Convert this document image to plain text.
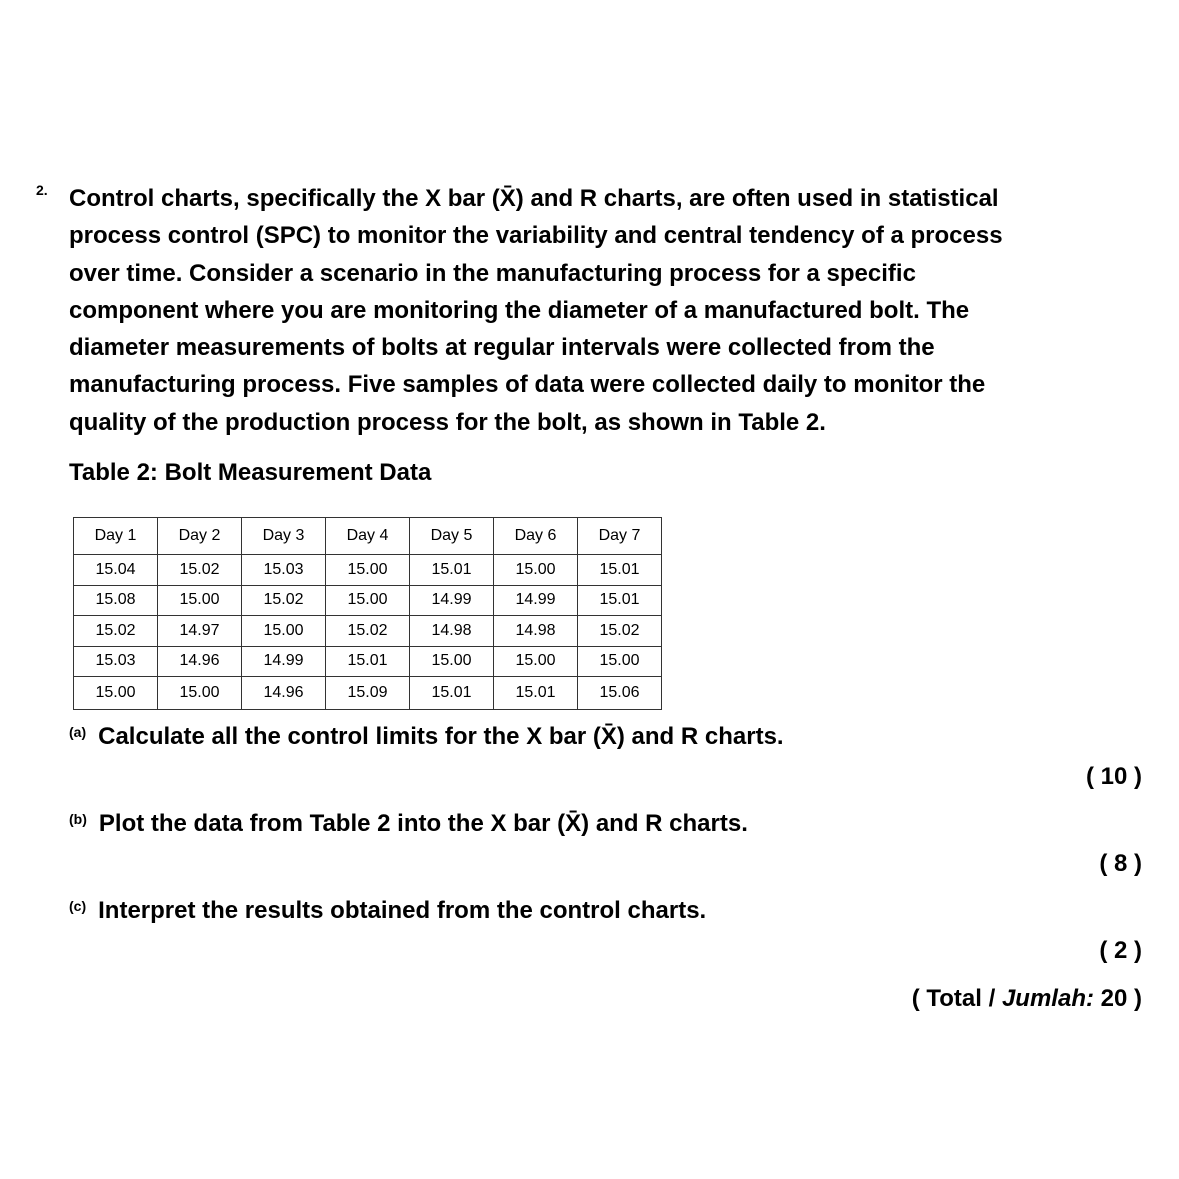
2. Control charts, specifically the X bar (X̄) and R charts, are often used in statistical
process control (SPC) to monitor the variability and central tendency of a process
over time. Consider a scenario in the manufacturing process for a specific
component where you are monitoring the diameter of a manufactured bolt. The
diameter measurements of bolts at regular intervals were collected from the
manufacturing process. Five samples of data were collected daily to monitor the
quality of the production process for the bolt, as shown in Table 2.
Table 2: Bolt Measurement Data
Day 1	Day 2	Day 3	Day 4	Day 5	Day 6	Day 7
15.04	15.02	15.03	15.00	15.01	15.00	15.01
15.08	15.00	15.02	15.00	14.99	14.99	15.01
15.02	14.97	15.00	15.02	14.98	14.98	15.02
15.03	14.96	14.99	15.01	15.00	15.00	15.00
15.00	15.00	14.96	15.09	15.01	15.01	15.06
$^{(a)}$ Calculate all the control limits for the X bar (X̄) and R charts.
( 10 )
$^{(b)}$ Plot the data from Table 2 into the X bar (X̄) and R charts.
( 8 )
$^{(c)}$ Interpret the results obtained from the control charts.
( 2 )
( Total / Jumlah: 20 )
